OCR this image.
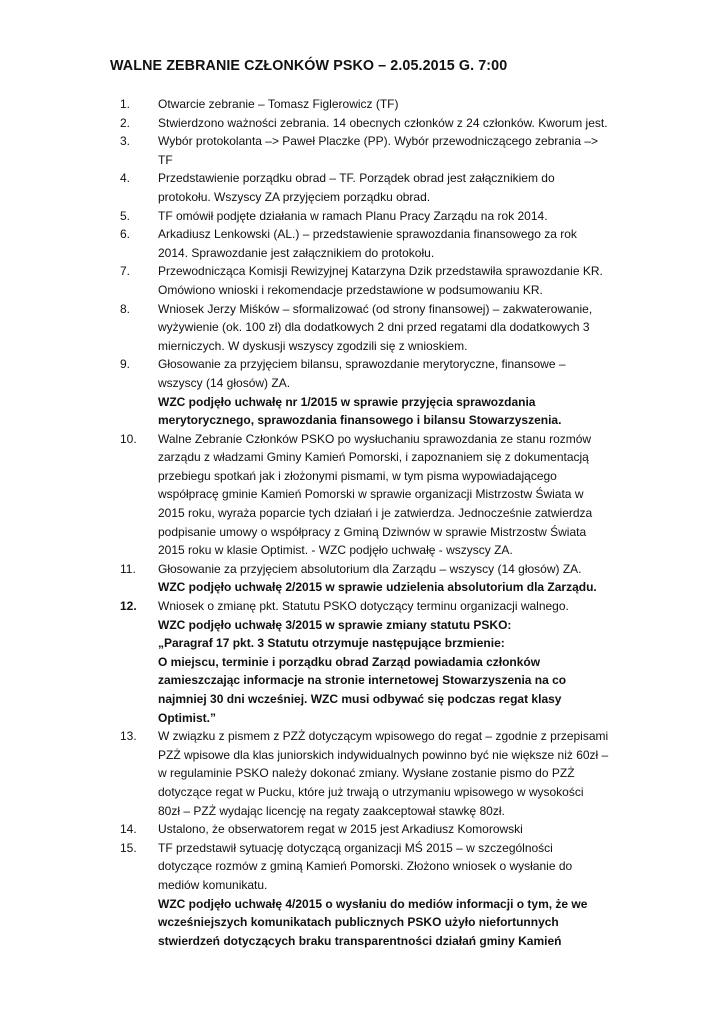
WALNE ZEBRANIE CZŁONKÓW PSKO – 2.05.2015 G. 7:00
1.	Otwarcie zebranie – Tomasz Figlerowicz (TF)
2.	Stwierdzono ważności zebrania. 14 obecnych członków z 24 członków. Kworum jest.
3.	Wybór protokolanta –> Paweł Placzke (PP). Wybór przewodniczącego zebrania –>
TF
4.	Przedstawienie porządku obrad – TF. Porządek obrad jest załącznikiem do
protokołu. Wszyscy ZA przyjęciem porządku obrad.
5.	TF omówił podjęte działania w ramach Planu Pracy Zarządu na rok 2014.
6.	Arkadiusz Lenkowski (AL.) – przedstawienie sprawozdania finansowego za rok
2014. Sprawozdanie jest załącznikiem do protokołu.
7.	Przewodnicząca Komisji Rewizyjnej Katarzyna Dzik przedstawiła sprawozdanie KR.
Omówiono wnioski i rekomendacje przedstawione w podsumowaniu KR.
8.	Wniosek Jerzy Miśków – sformalizować (od strony finansowej) – zakwaterowanie,
wyżywienie (ok. 100 zł) dla dodatkowych 2 dni przed regatami dla dodatkowych 3
mierniczych. W dyskusji wszyscy zgodzili się z wnioskiem.
9.	Głosowanie za przyjęciem bilansu, sprawozdanie merytoryczne, finansowe –
wszyscy (14 głosów) ZA.
WZC podjęło uchwałę nr 1/2015 w sprawie przyjęcia sprawozdania
merytorycznego, sprawozdania finansowego i bilansu Stowarzyszenia.
10.	Walne Zebranie Członków PSKO po wysłuchaniu sprawozdania ze stanu rozmów
zarządu z władzami Gminy Kamień Pomorski, i zapoznaniem się z dokumentacją
przebiegu spotkań jak i złożonymi pismami, w tym pisma wypowiadającego
współpracę gminie Kamień Pomorski w sprawie organizacji Mistrzostw Świata w
2015 roku, wyraża poparcie tych działań i je zatwierdza. Jednocześnie zatwierdza
podpisanie umowy o współpracy z Gminą Dziwnów w sprawie Mistrzostw Świata
2015 roku w klasie Optimist. - WZC podjęło uchwałę - wszyscy ZA.
11.	Głosowanie za przyjęciem absolutorium dla Zarządu – wszyscy (14 głosów) ZA.
WZC podjęło uchwałę 2/2015 w sprawie udzielenia absolutorium dla Zarządu.
12.	Wniosek o zmianę pkt. Statutu PSKO dotyczący terminu organizacji walnego.
WZC podjęło uchwałę 3/2015 w sprawie zmiany statutu PSKO:
„Paragraf 17 pkt. 3 Statutu otrzymuje następujące brzmienie:
O miejscu, terminie i porządku obrad Zarząd powiadamia członków
zamieszczając informacje na stronie internetowej Stowarzyszenia na co
najmniej 30 dni wcześniej. WZC musi odbywać się podczas regat klasy
Optimist.”
13.	W związku z pismem z PZŻ dotyczącym wpisowego do regat – zgodnie z przepisami
PZŻ wpisowe dla klas juniorskich indywidualnych powinno być nie większe niż 60zł –
w regulaminie PSKO należy dokonać zmiany. Wysłane zostanie pismo do PZŻ
dotyczące regat w Pucku, które już trwają o utrzymaniu wpisowego w wysokości
80zł – PZŻ wydając licencję na regaty zaakceptował stawkę 80zł.
14.	Ustalono, że obserwatorem regat w 2015 jest Arkadiusz Komorowski
15.	TF przedstawił sytuację dotyczącą organizacji MŚ 2015 – w szczególności
dotyczące rozmów z gminą Kamień Pomorski. Złożono wniosek o wysłanie do
mediów komunikatu.
WZC podjęło uchwałę 4/2015 o wysłaniu do mediów informacji o tym, że we
wcześniejszych komunikatach publicznych PSKO użyło niefortunnych
stwierdzeń dotyczących braku transparentności działań gminy Kamień
